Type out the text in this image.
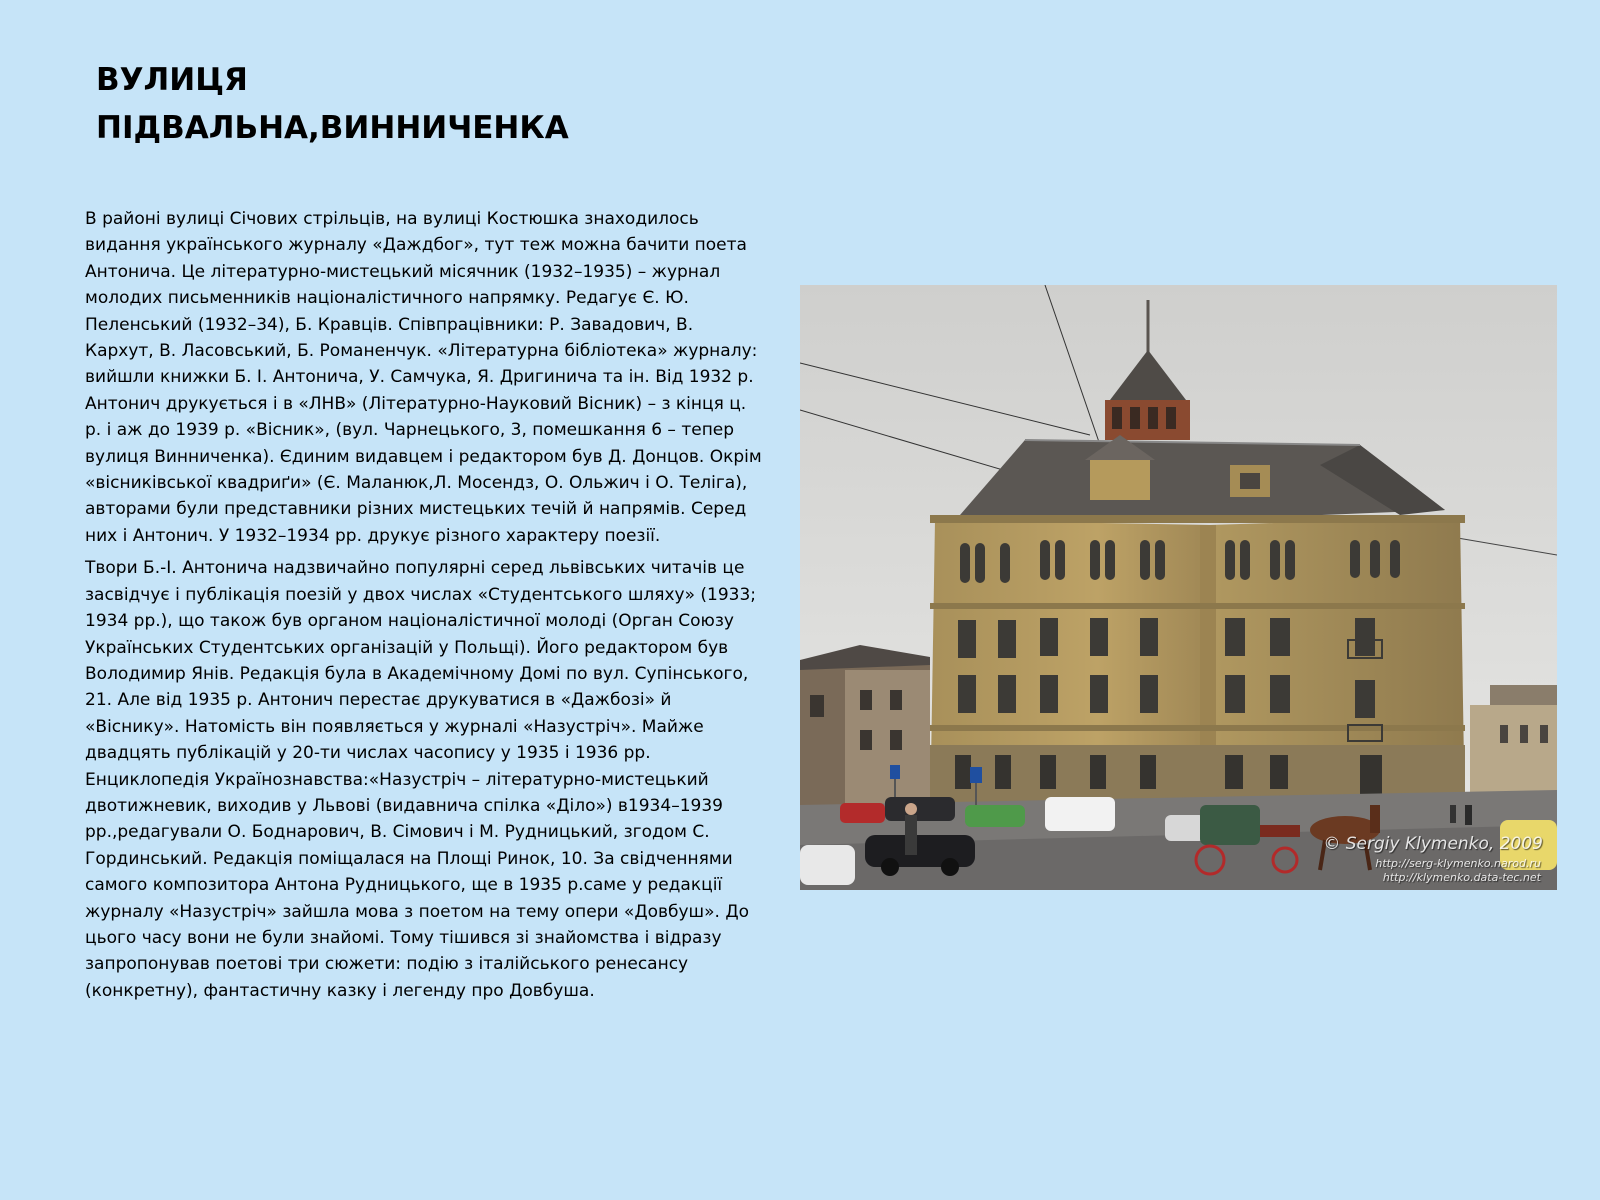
ВУЛИЦЯ
ПІДВАЛЬНА,ВИННИЧЕНКА

В районі вулиці Січових стрільців, на вулиці Костюшка знаходилось видання українського журналу «Даждбог», тут теж можна бачити поета Антонича. Це літературно-мистецький місячник (1932–1935) – журнал молодих письменників націоналістичного напрямку. Редагує Є. Ю. Пеленський (1932–34), Б. Кравців. Співпрацівники: Р. Завадович, В. Кархут, В. Ласовський, Б. Романенчук. «Літературна бібліотека» журналу: вийшли книжки Б. І. Антонича, У. Самчука, Я. Дригинича та ін. Від 1932 р. Антонич друкується і в «ЛНВ» (Літературно-Науковий Вісник) – з кінця ц. р. і аж до 1939 р. «Вісник», (вул. Чарнецького, 3, помешкання 6 – тепер вулиця Винниченка). Єдиним видавцем і редактором був Д. Донцов. Окрім «вісниківської квадриґи» (Є. Маланюк,Л. Мосендз, О. Ольжич і О. Теліга), авторами були представники різних мистецьких течій й напрямів. Серед них і Антонич. У 1932–1934 рр. друкує різного характеру поезії.

Твори Б.-І. Антонича надзвичайно популярні серед львівських читачів це засвідчує і публікація поезій у двох числах «Студентського шляху» (1933; 1934 рр.), що також був органом націоналістичної молоді (Орган Союзу Українських Студентських організацій у Польщі). Його редактором був Володимир Янів. Редакція була в Академічному Домі по вул. Супінського, 21. Але від 1935 р. Антонич перестає друкуватися в «Дажбозі» й «Віснику». Натомість він появляється у журналі «Назустріч». Майже двадцять публікацій у 20-ти числах часопису у 1935 і 1936 рр. Енциклопедія Українознавства:«Назустріч – літературно-мистецький двотижневик, виходив у Львові (видавнича спілка «Діло») в1934–1939 рр.,редагували О. Боднарович, В. Сімович і М. Рудницький, згодом С. Гординський. Редакція поміщалася на Площі Ринок, 10. За свідченнями самого композитора Антона Рудницького, ще в 1935 р.саме у редакції журналу «Назустріч» зайшла мова з поетом на тему опери «Довбуш». До цього часу вони не були знайомі. Тому тішився зі знайомства і відразу запропонував поетові три сюжети: подію з італійського ренесансу (конкретну), фантастичну казку і легенду про Довбуша.

© Sergiy Klymenko, 2009
http://serg-klymenko.narod.ru
http://klymenko.data-tec.net
